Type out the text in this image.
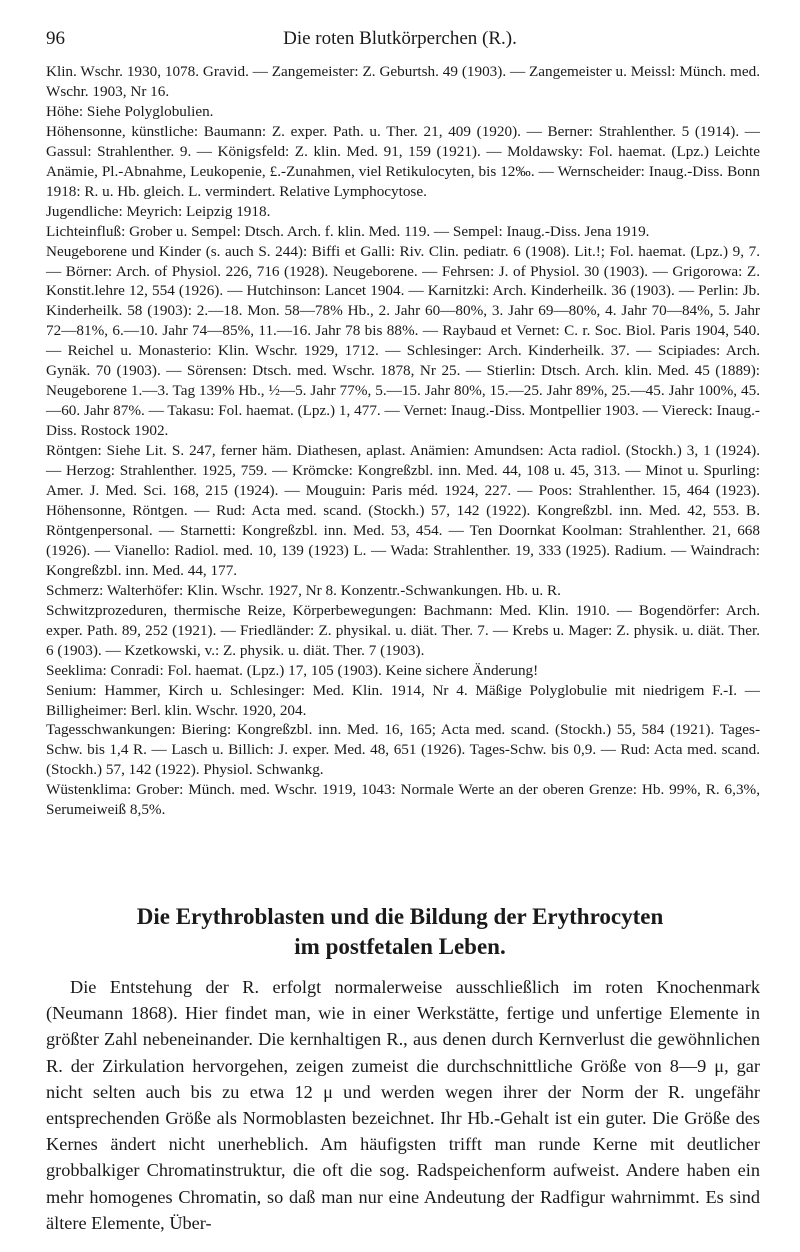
96	Die roten Blutkörperchen (R.).

Klin. Wschr. 1930, 1078. Gravid. — Zangemeister: Z. Geburtsh. 49 (1903). — Zangemeister u. Meissl: Münch. med. Wschr. 1903, Nr 16.

Höhe: Siehe Polyglobulien.

Höhensonne, künstliche: Baumann: Z. exper. Path. u. Ther. 21, 409 (1920). — Berner: Strahlenther. 5 (1914). — Gassul: Strahlenther. 9. — Königsfeld: Z. klin. Med. 91, 159 (1921). — Moldawsky: Fol. haemat. (Lpz.) Leichte Anämie, Pl.-Abnahme, Leukopenie, £.-Zunahmen, viel Retikulocyten, bis 12‰. — Wernscheider: Inaug.-Diss. Bonn 1918: R. u. Hb. gleich. L. vermindert. Relative Lymphocytose.

Jugendliche: Meyrich: Leipzig 1918.

Lichteinfluß: Grober u. Sempel: Dtsch. Arch. f. klin. Med. 119. — Sempel: Inaug.-Diss. Jena 1919.

Neugeborene und Kinder (s. auch S. 244): Biffi et Galli: Riv. Clin. pediatr. 6 (1908). Lit.!; Fol. haemat. (Lpz.) 9, 7. — Börner: Arch. of Physiol. 226, 716 (1928). Neugeborene. — Fehrsen: J. of Physiol. 30 (1903). — Grigorowa: Z. Konstit.lehre 12, 554 (1926). — Hutchinson: Lancet 1904. — Karnitzki: Arch. Kinderheilk. 36 (1903). — Perlin: Jb. Kinderheilk. 58 (1903): 2.—18. Mon. 58—78% Hb., 2. Jahr 60—80%, 3. Jahr 69—80%, 4. Jahr 70—84%, 5. Jahr 72—81%, 6.—10. Jahr 74—85%, 11.—16. Jahr 78 bis 88%. — Raybaud et Vernet: C. r. Soc. Biol. Paris 1904, 540. — Reichel u. Monasterio: Klin. Wschr. 1929, 1712. — Schlesinger: Arch. Kinderheilk. 37. — Scipiades: Arch. Gynäk. 70 (1903). — Sörensen: Dtsch. med. Wschr. 1878, Nr 25. — Stierlin: Dtsch. Arch. klin. Med. 45 (1889): Neugeborene 1.—3. Tag 139% Hb., ½—5. Jahr 77%, 5.—15. Jahr 80%, 15.—25. Jahr 89%, 25.—45. Jahr 100%, 45.—60. Jahr 87%. — Takasu: Fol. haemat. (Lpz.) 1, 477. — Vernet: Inaug.-Diss. Montpellier 1903. — Viereck: Inaug.-Diss. Rostock 1902.

Röntgen: Siehe Lit. S. 247, ferner häm. Diathesen, aplast. Anämien: Amundsen: Acta radiol. (Stockh.) 3, 1 (1924). — Herzog: Strahlenther. 1925, 759. — Krömcke: Kongreßzbl. inn. Med. 44, 108 u. 45, 313. — Minot u. Spurling: Amer. J. Med. Sci. 168, 215 (1924). — Mouguin: Paris méd. 1924, 227. — Poos: Strahlenther. 15, 464 (1923). Höhensonne, Röntgen. — Rud: Acta med. scand. (Stockh.) 57, 142 (1922). Kongreßzbl. inn. Med. 42, 553. B. Röntgenpersonal. — Starnetti: Kongreßzbl. inn. Med. 53, 454. — Ten Doornkat Koolman: Strahlenther. 21, 668 (1926). — Vianello: Radiol. med. 10, 139 (1923) L. — Wada: Strahlenther. 19, 333 (1925). Radium. — Waindrach: Kongreßzbl. inn. Med. 44, 177.

Schmerz: Walterhöfer: Klin. Wschr. 1927, Nr 8. Konzentr.-Schwankungen. Hb. u. R.

Schwitzprozeduren, thermische Reize, Körperbewegungen: Bachmann: Med. Klin. 1910. — Bogendörfer: Arch. exper. Path. 89, 252 (1921). — Friedländer: Z. physikal. u. diät. Ther. 7. — Krebs u. Mager: Z. physik. u. diät. Ther. 6 (1903). — Kzetkowski, v.: Z. physik. u. diät. Ther. 7 (1903).

Seeklima: Conradi: Fol. haemat. (Lpz.) 17, 105 (1903). Keine sichere Änderung!

Senium: Hammer, Kirch u. Schlesinger: Med. Klin. 1914, Nr 4. Mäßige Polyglobulie mit niedrigem F.-I. — Billigheimer: Berl. klin. Wschr. 1920, 204.

Tagesschwankungen: Biering: Kongreßzbl. inn. Med. 16, 165; Acta med. scand. (Stockh.) 55, 584 (1921). Tages-Schw. bis 1,4 R. — Lasch u. Billich: J. exper. Med. 48, 651 (1926). Tages-Schw. bis 0,9. — Rud: Acta med. scand. (Stockh.) 57, 142 (1922). Physiol. Schwankg.

Wüstenklima: Grober: Münch. med. Wschr. 1919, 1043: Normale Werte an der oberen Grenze: Hb. 99%, R. 6,3%, Serumeiweiß 8,5%.

Die Erythroblasten und die Bildung der Erythrocyten
im postfetalen Leben.

Die Entstehung der R. erfolgt normalerweise ausschließlich im roten Knochenmark (Neumann 1868). Hier findet man, wie in einer Werkstätte, fertige und unfertige Elemente in größter Zahl nebeneinander. Die kernhaltigen R., aus denen durch Kernverlust die gewöhnlichen R. der Zirkulation hervorgehen, zeigen zumeist die durchschnittliche Größe von 8—9 μ, gar nicht selten auch bis zu etwa 12 μ und werden wegen ihrer der Norm der R. ungefähr entsprechenden Größe als Normoblasten bezeichnet. Ihr Hb.-Gehalt ist ein guter. Die Größe des Kernes ändert nicht unerheblich. Am häufigsten trifft man runde Kerne mit deutlicher grobbalkiger Chromatinstruktur, die oft die sog. Radspeichenform aufweist. Andere haben ein mehr homogenes Chromatin, so daß man nur eine Andeutung der Radfigur wahrnimmt. Es sind ältere Elemente, Über-
